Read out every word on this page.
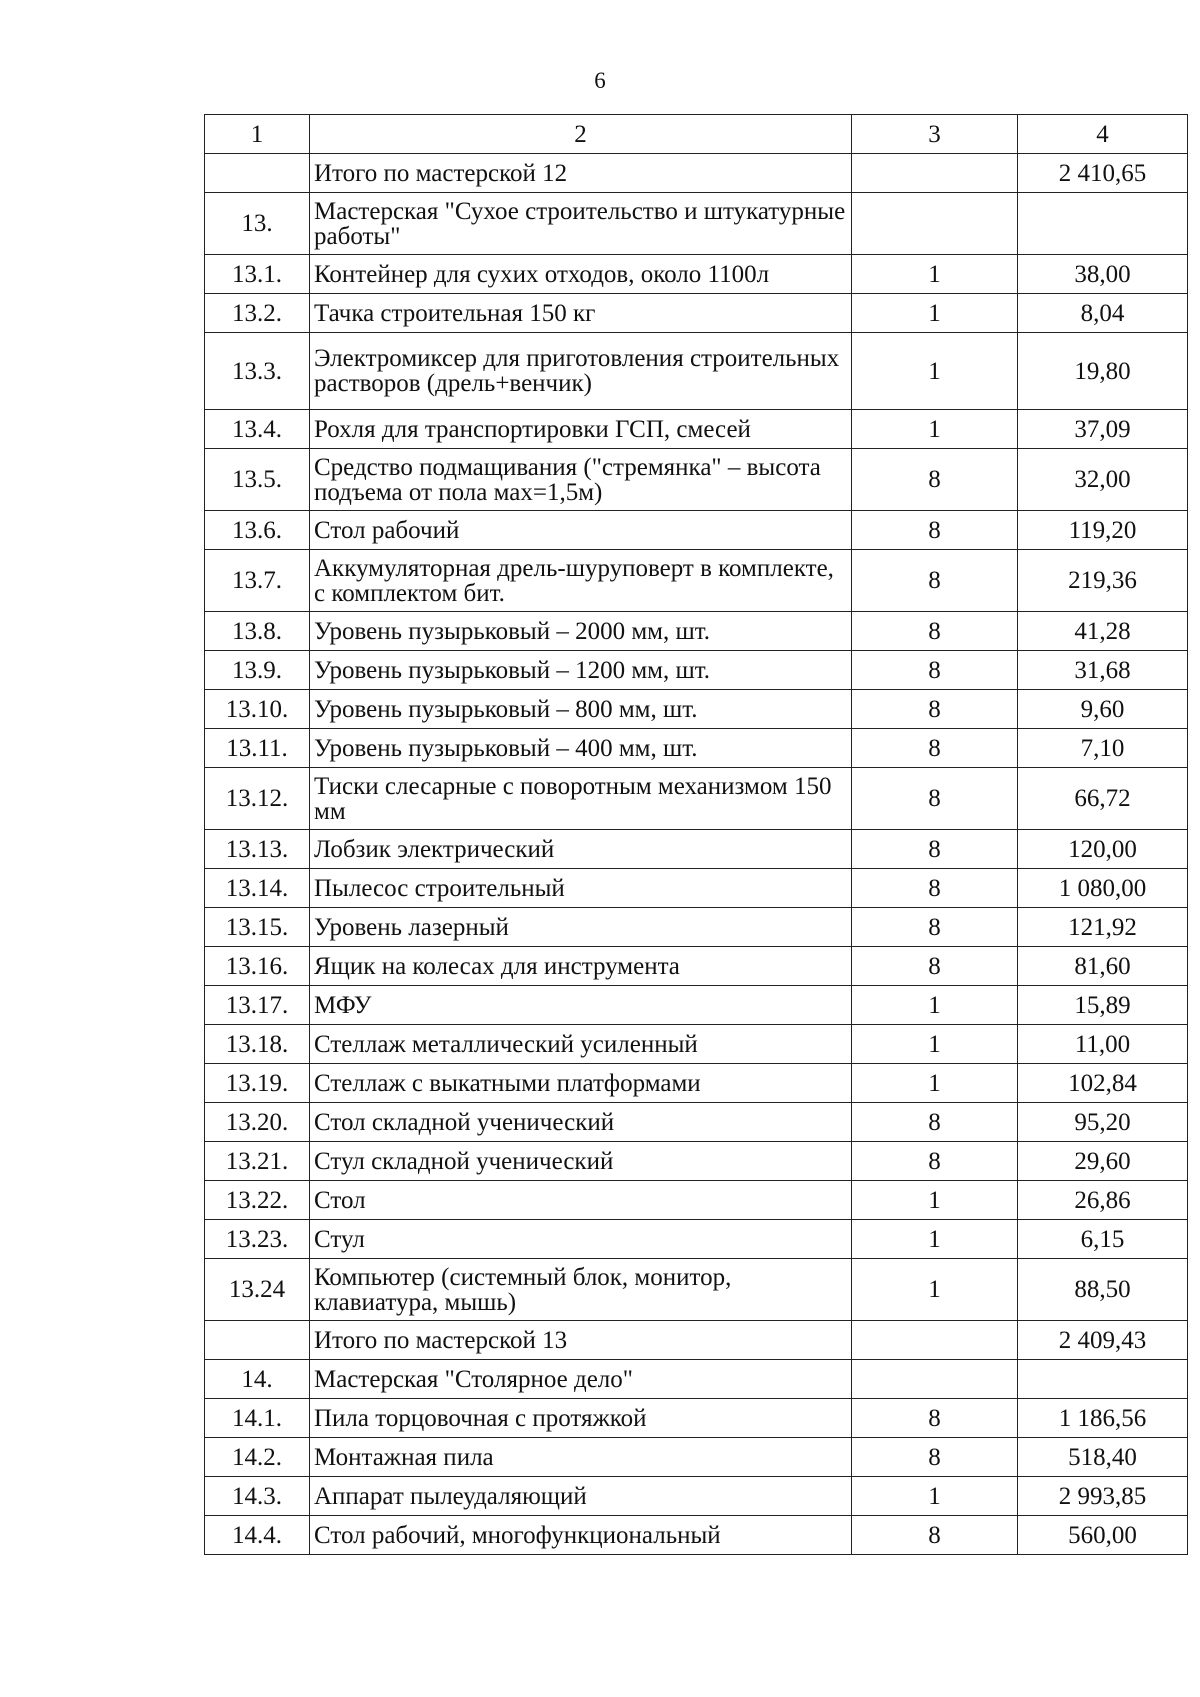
6
1	2	3	4
	Итого по мастерской 12		2 410,65
13.	Мастерская "Сухое строительство и штукатурные работы"		
13.1.	Контейнер для сухих отходов, около 1100л	1	38,00
13.2.	Тачка строительная 150 кг	1	8,04
13.3.	Электромиксер для приготовления строительных растворов (дрель+венчик)	1	19,80
13.4.	Рохля для транспортировки ГСП, смесей	1	37,09
13.5.	Средство подмащивания ("стремянка" – высота подъема от пола мах=1,5м)	8	32,00
13.6.	Стол рабочий	8	119,20
13.7.	Аккумуляторная дрель-шуруповерт в комплекте, с комплектом бит.	8	219,36
13.8.	Уровень пузырьковый – 2000 мм, шт.	8	41,28
13.9.	Уровень пузырьковый – 1200 мм, шт.	8	31,68
13.10.	Уровень пузырьковый – 800 мм, шт.	8	9,60
13.11.	Уровень пузырьковый – 400 мм, шт.	8	7,10
13.12.	Тиски слесарные с поворотным механизмом 150 мм	8	66,72
13.13.	Лобзик электрический	8	120,00
13.14.	Пылесос строительный	8	1 080,00
13.15.	Уровень лазерный	8	121,92
13.16.	Ящик на колесах для инструмента	8	81,60
13.17.	МФУ	1	15,89
13.18.	Стеллаж металлический усиленный	1	11,00
13.19.	Стеллаж с выкатными платформами	1	102,84
13.20.	Стол складной ученический	8	95,20
13.21.	Стул складной ученический	8	29,60
13.22.	Стол	1	26,86
13.23.	Стул	1	6,15
13.24	Компьютер (системный блок, монитор, клавиатура, мышь)	1	88,50
	Итого по мастерской 13		2 409,43
14.	Мастерская "Столярное дело"		
14.1.	Пила торцовочная с протяжкой	8	1 186,56
14.2.	Монтажная пила	8	518,40
14.3.	Аппарат пылеудаляющий	1	2 993,85
14.4.	Стол рабочий, многофункциональный	8	560,00
